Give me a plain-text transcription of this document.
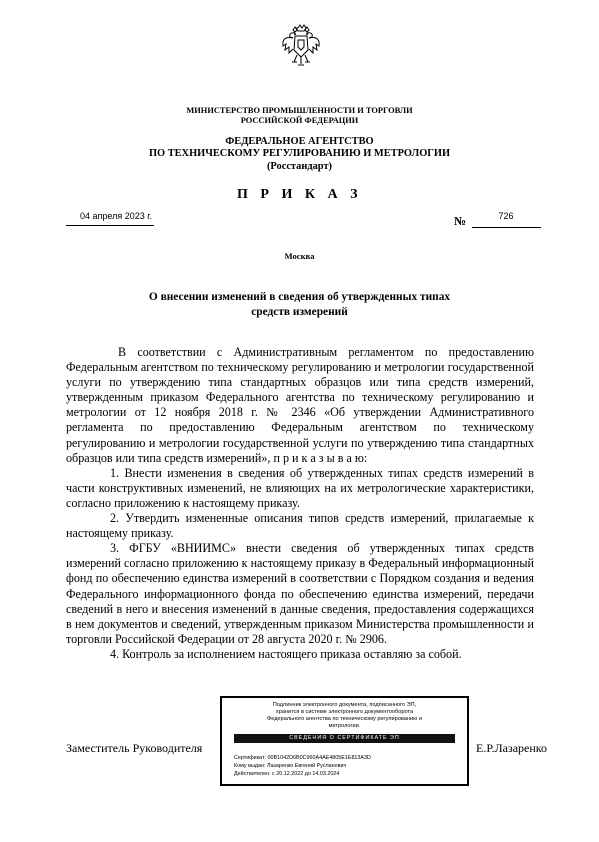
МИНИСТЕРСТВО ПРОМЫШЛЕННОСТИ И ТОРГОВЛИ
РОССИЙСКОЙ ФЕДЕРАЦИИ
ФЕДЕРАЛЬНОЕ АГЕНТСТВО
ПО ТЕХНИЧЕСКОМУ РЕГУЛИРОВАНИЮ И МЕТРОЛОГИИ
(Росстандарт)
П Р И К А З
04 апреля 2023 г.	№	726
Москва
О внесении изменений в сведения об утвержденных типах
средств измерений

В соответствии с Административным регламентом по предоставлению Федеральным агентством по техническому регулированию и метрологии государственной услуги по утверждению типа стандартных образцов или типа средств измерений, утвержденным приказом Федерального агентства по техническому регулированию и метрологии от 12 ноября 2018 г. № 2346 «Об утверждении Административного регламента по предоставлению Федеральным агентством по техническому регулированию и метрологии государственной услуги по утверждению типа стандартных образцов или типа средств измерений», п р и к а з ы в а ю:

1. Внести изменения в сведения об утвержденных типах средств измерений в части конструктивных изменений, не влияющих на их метрологические характеристики, согласно приложению к настоящему приказу.

2. Утвердить измененные описания типов средств измерений, прилагаемые к настоящему приказу.

3. ФГБУ «ВНИИМС» внести сведения об утвержденных типах средств измерений согласно приложению к настоящему приказу в Федеральный информационный фонд по обеспечению единства измерений в соответствии с Порядком создания и ведения Федерального информационного фонда по обеспечению единства измерений, передачи сведений в него и внесения изменений в данные сведения, предоставления содержащихся в нем документов и сведений, утвержденным приказом Министерства промышленности и торговли Российской Федерации от 28 августа 2020 г. № 2906.

4. Контроль за исполнением настоящего приказа оставляю за собой.

Заместитель Руководителя	Е.Р.Лазаренко
Подлинник электронного документа, подписанного ЭП,
хранится в системе электронного документооборота
Федерального агентства по техническому регулированию и
метрологии.
СВЕДЕНИЯ О СЕРТИФИКАТЕ ЭП
Сертификат: 00B1042D6B0C960A4AE4805E1E813A3D
Кому выдан: Лазаренко Евгений Русланович
Действителен: с 20.12.2022 до 14.03.2024
